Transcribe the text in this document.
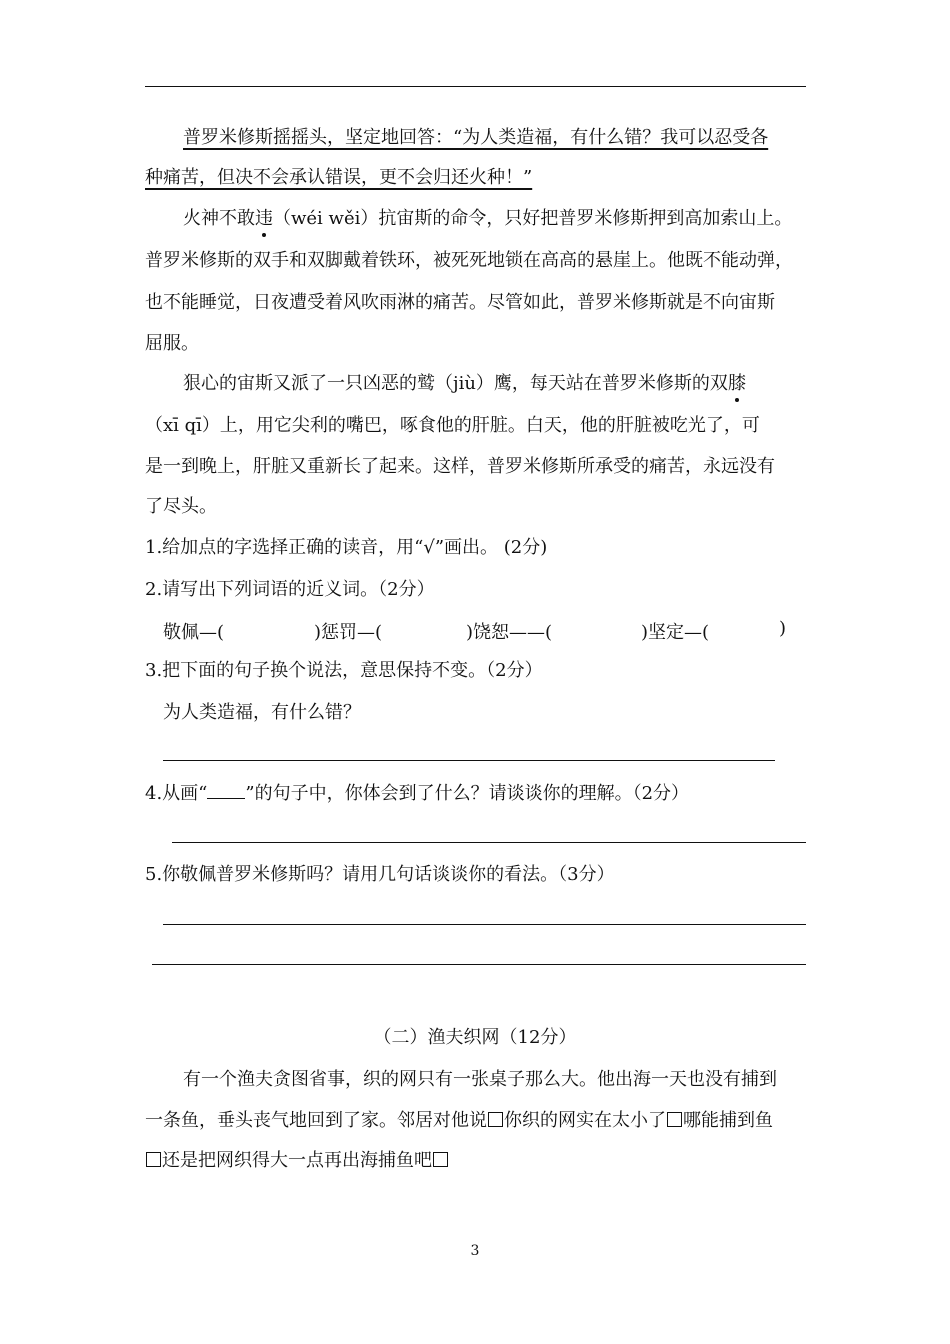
普罗米修斯摇摇头，坚定地回答：“为人类造福，有什么错？我可以忍受各
种痛苦，但决不会承认错误，更不会归还火种！”
火神不敢违（wéi wěi）抗宙斯的命令，只好把普罗米修斯押到高加索山上。
普罗米修斯的双手和双脚戴着铁环，被死死地锁在高高的悬崖上。他既不能动弹，
也不能睡觉，日夜遭受着风吹雨淋的痛苦。尽管如此，普罗米修斯就是不向宙斯
屈服。
狠心的宙斯又派了一只凶恶的鹫（jiù）鹰，每天站在普罗米修斯的双膝
（xī qī）上，用它尖利的嘴巴，啄食他的肝脏。白天，他的肝脏被吃光了，可
是一到晚上，肝脏又重新长了起来。这样，普罗米修斯所承受的痛苦，永远没有
了尽头。
1.给加点的字选择正确的读音，用“√”画出。 (2分)
2.请写出下列词语的近义词。（2分）
敬佩—(	)惩罚—(	)饶恕——(	)坚定—(	)
3.把下面的句子换个说法，意思保持不变。（2分）
为人类造福，有什么错？
4.从画“ ”的句子中，你体会到了什么？请谈谈你的理解。（2分）
5.你敬佩普罗米修斯吗？请用几句话谈谈你的看法。（3分）
（二）渔夫织网（12分）
有一个渔夫贪图省事，织的网只有一张桌子那么大。他出海一天也没有捕到
一条鱼，垂头丧气地回到了家。邻居对他说 你织的网实在太小了 哪能捕到鱼
还是把网织得大一点再出海捕鱼吧
3
